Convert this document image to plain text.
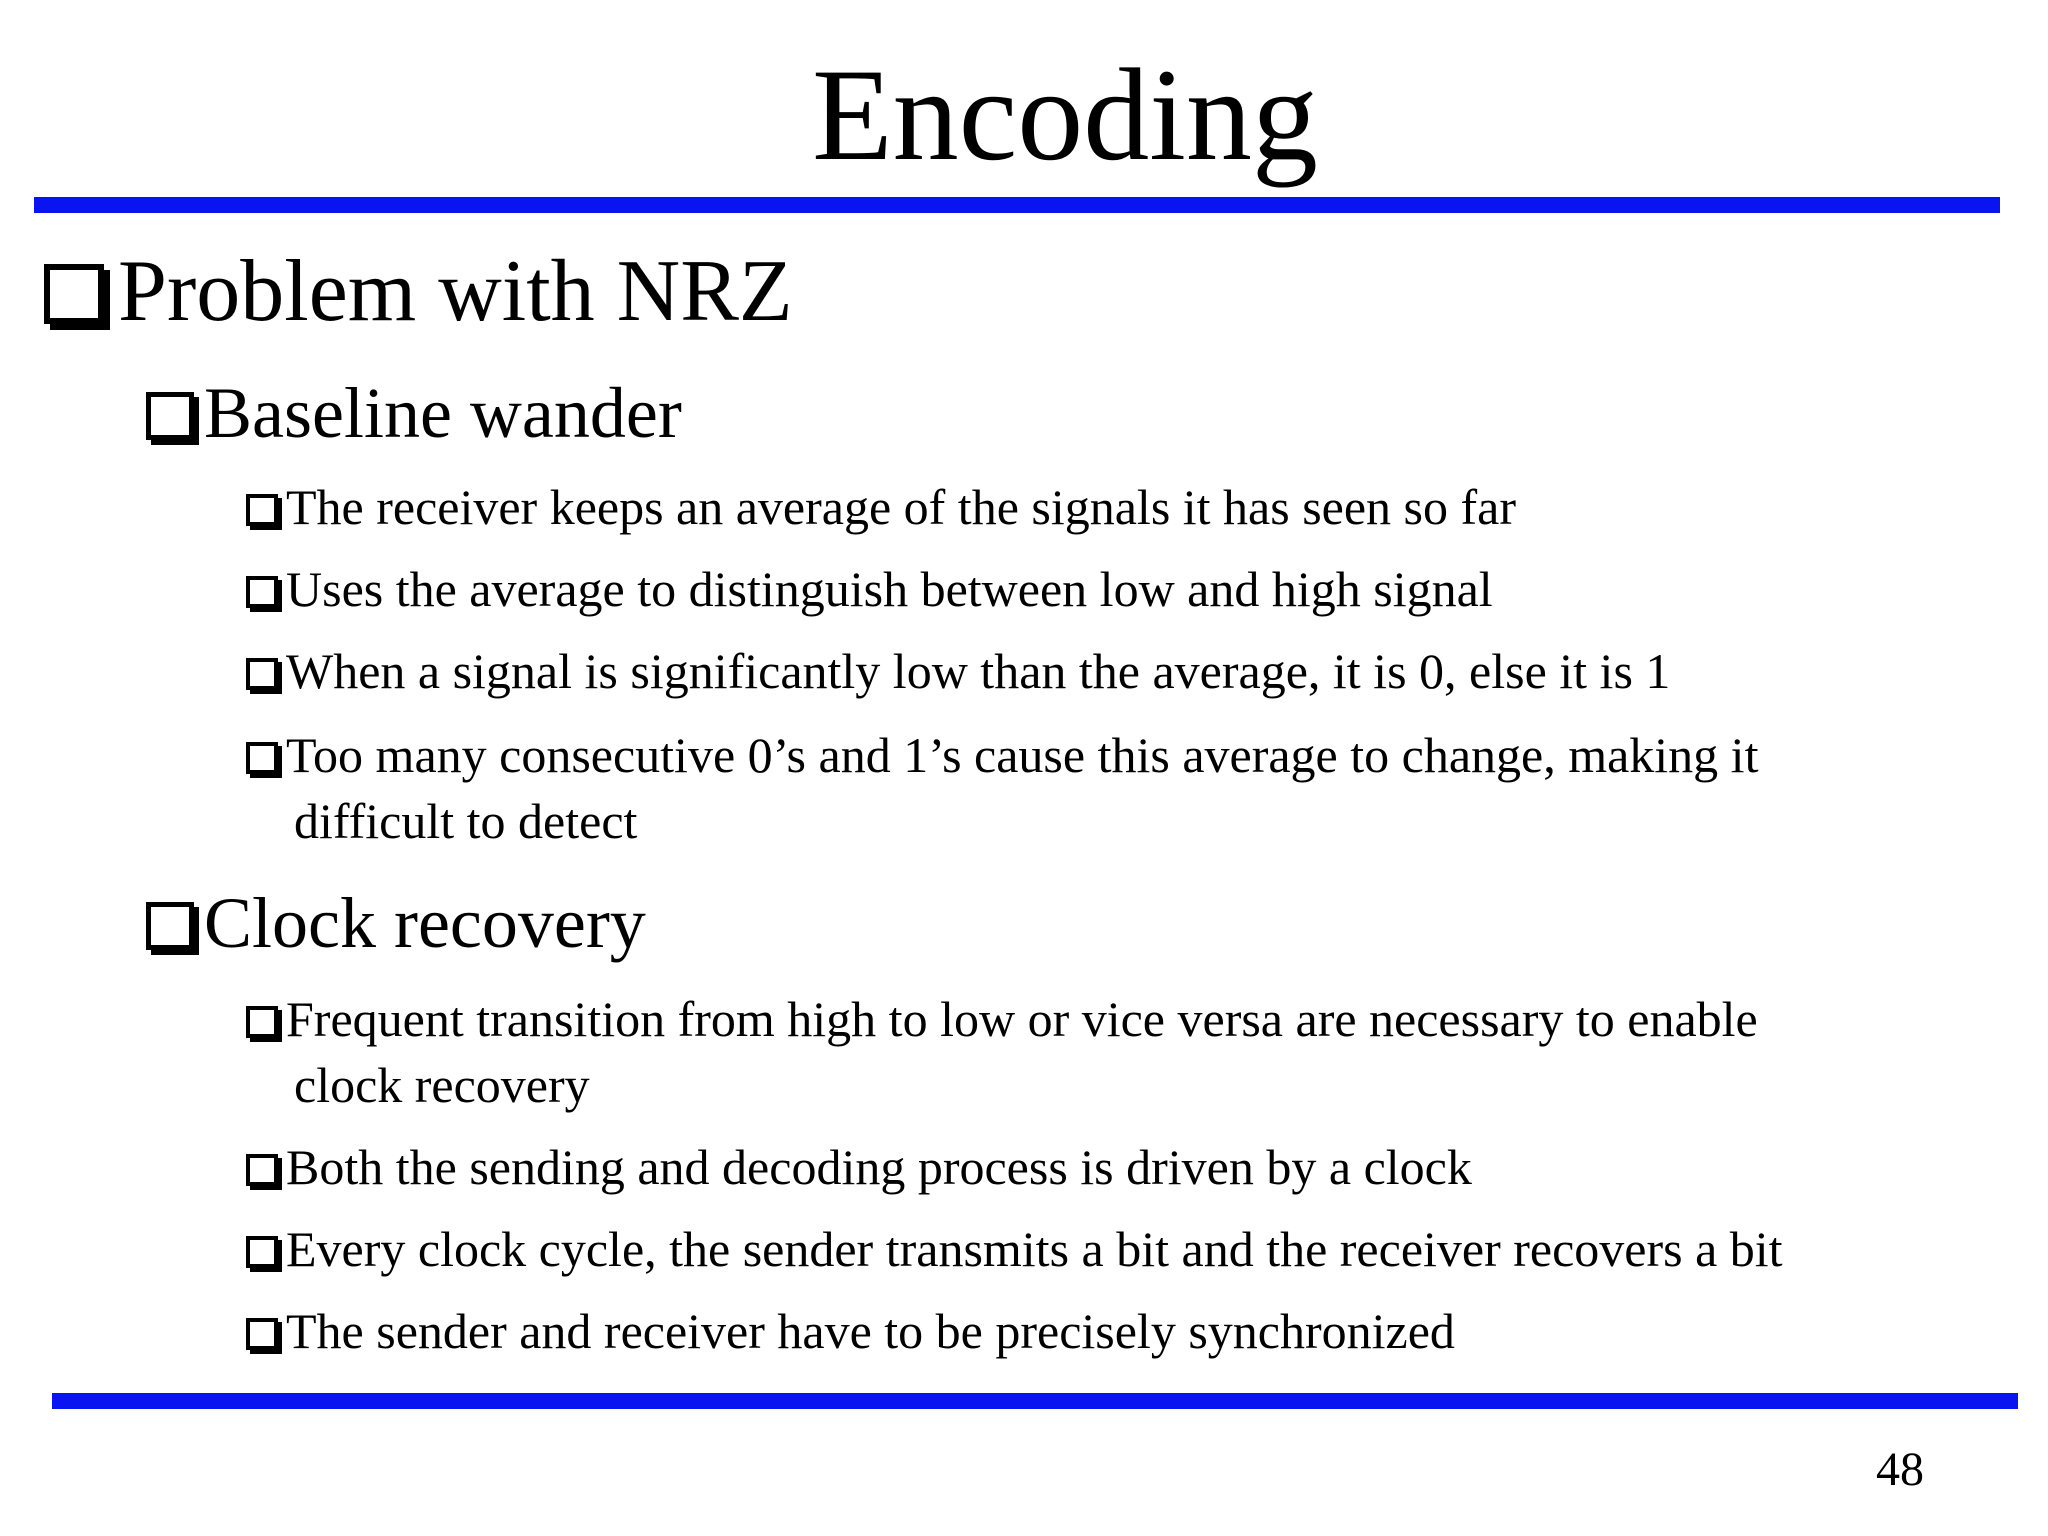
Encoding
Problem with NRZ
Baseline wander
The receiver keeps an average of the signals it has seen so far
Uses the average to distinguish between low and high signal
When a signal is significantly low than the average, it is 0, else it is 1
Too many consecutive 0’s and 1’s cause this average to change, making it
difficult to detect
Clock recovery
Frequent transition from high to low or vice versa are necessary to enable
clock recovery
Both the sending and decoding process is driven by a clock
Every clock cycle, the sender transmits a bit and the receiver recovers a bit
The sender and receiver have to be precisely synchronized
48
